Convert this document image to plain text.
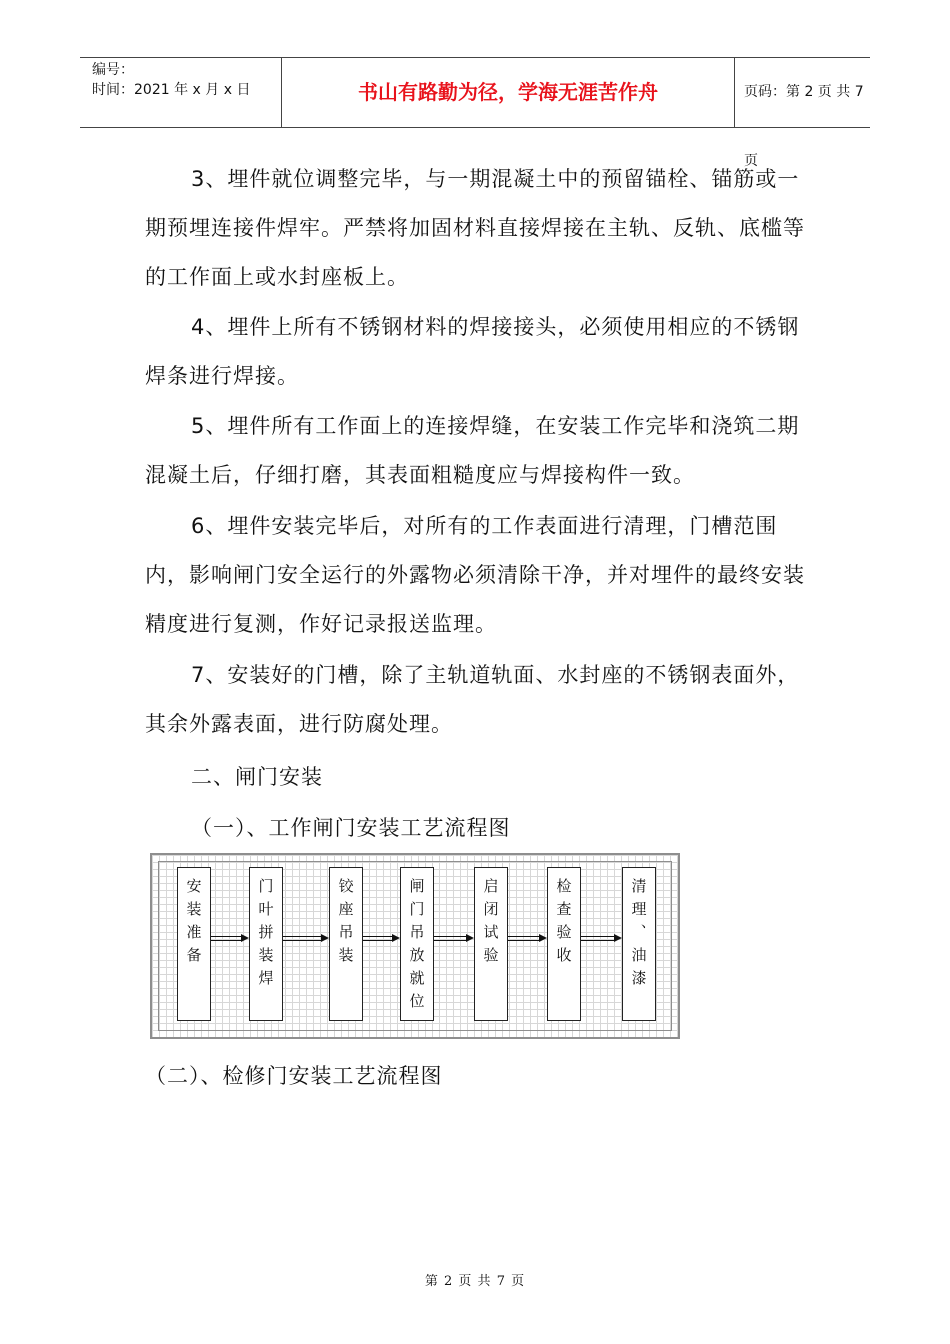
编号：
时间：2021 年 x 月 x 日	书山有路勤为径，学海无涯苦作舟	页码：第 2 页 共 7 页
3、埋件就位调整完毕，与一期混凝土中的预留锚栓、锚筋或一期预埋连接件焊牢。严禁将加固材料直接焊接在主轨、反轨、底槛等的工作面上或水封座板上。
4、埋件上所有不锈钢材料的焊接接头，必须使用相应的不锈钢焊条进行焊接。
5、埋件所有工作面上的连接焊缝，在安装工作完毕和浇筑二期混凝土后，仔细打磨，其表面粗糙度应与焊接构件一致。
6、埋件安装完毕后，对所有的工作表面进行清理，门槽范围内，影响闸门安全运行的外露物必须清除干净，并对埋件的最终安装精度进行复测，作好记录报送监理。
7、安装好的门槽，除了主轨道轨面、水封座的不锈钢表面外，其余外露表面，进行防腐处理。
二、闸门安装
（一）、工作闸门安装工艺流程图
安装准备	门叶拼装焊	铰座吊装	闸门吊放就位	启闭试验	检查验收	清理、油漆
（二）、检修门安装工艺流程图
第 2 页 共 7 页
